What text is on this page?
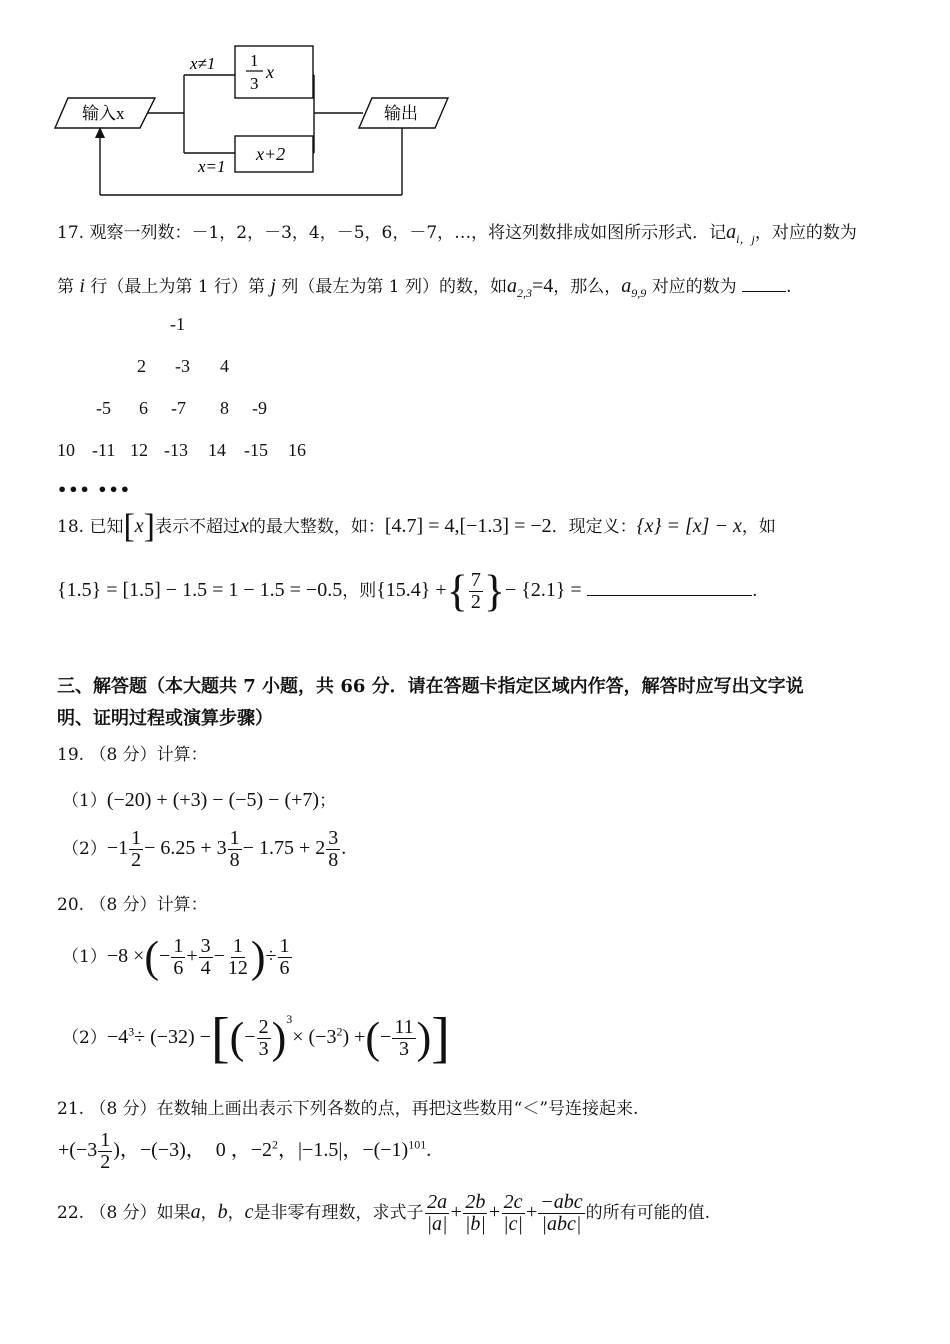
输入x	输出
x≠1
x=1
1
3
x
x+2
17. 观察一列数：－1，2，－3，4，－5，6，－7，…，将这列数排成如图所示形式．记$a_{i,j}$，对应的数为
第 i 行（最上为第 1 行）第 j 列（最左为第 1 列）的数，如$a_{2,3}=4$，那么，$a_{9,9}$ 对应的数为	.
-1
2 -3 4
-5 6 -7 8 -9
10 -11 12 -13 14 -15 16
••• •••
18. 已知[x]表示不超过x的最大整数，如：[4.7] = 4,[−1.3] = −2．现定义：{x} = [x] − x，如
{1.5} = [1.5] − 1.5 = 1 − 1.5 = −0.5，则{15.4} +{ $\frac{7}{2}$ }− {2.1} =	.
三、解答题（本大题共 7 小题，共 66 分．请在答题卡指定区域内作答，解答时应写出文字说
明、证明过程或演算步骤）
19. （8 分）计算：
（1）(−20) + (+3) − (−5) − (+7)；
$(2)-1 \frac{1}{2} - 6.25 + 3 \frac{1}{8} - 1.75 + 2 \frac{3}{8}$ .
20. （8 分）计算：
（1）−8 ×(− $\frac{1}{6} + \frac{3}{4} - \frac{1}{12}$ )÷ $\frac{1}{6}$
$(2)-4^3\div (-32)$ −[(− $\frac{2}{3} )^3\times (-3^2)$ +(− $\frac{11}{3}$ )]
21. （8 分）在数轴上画出表示下列各数的点，再把这些数用“＜”号连接起来.
$+(-3 \frac{1}{2}$ )，−(−3)，　0 ，$-2^2$，|−1.5|，$-(-1)^{101}$.
22. （8 分）如果a，b，c是非零有理数，求式子 $\frac{2a}{|a|} + \frac{2b}{|b|} + \frac{2c}{|c|} + \frac{\text{−abc}}{\text{|abc|}}$ 的所有可能的值.
